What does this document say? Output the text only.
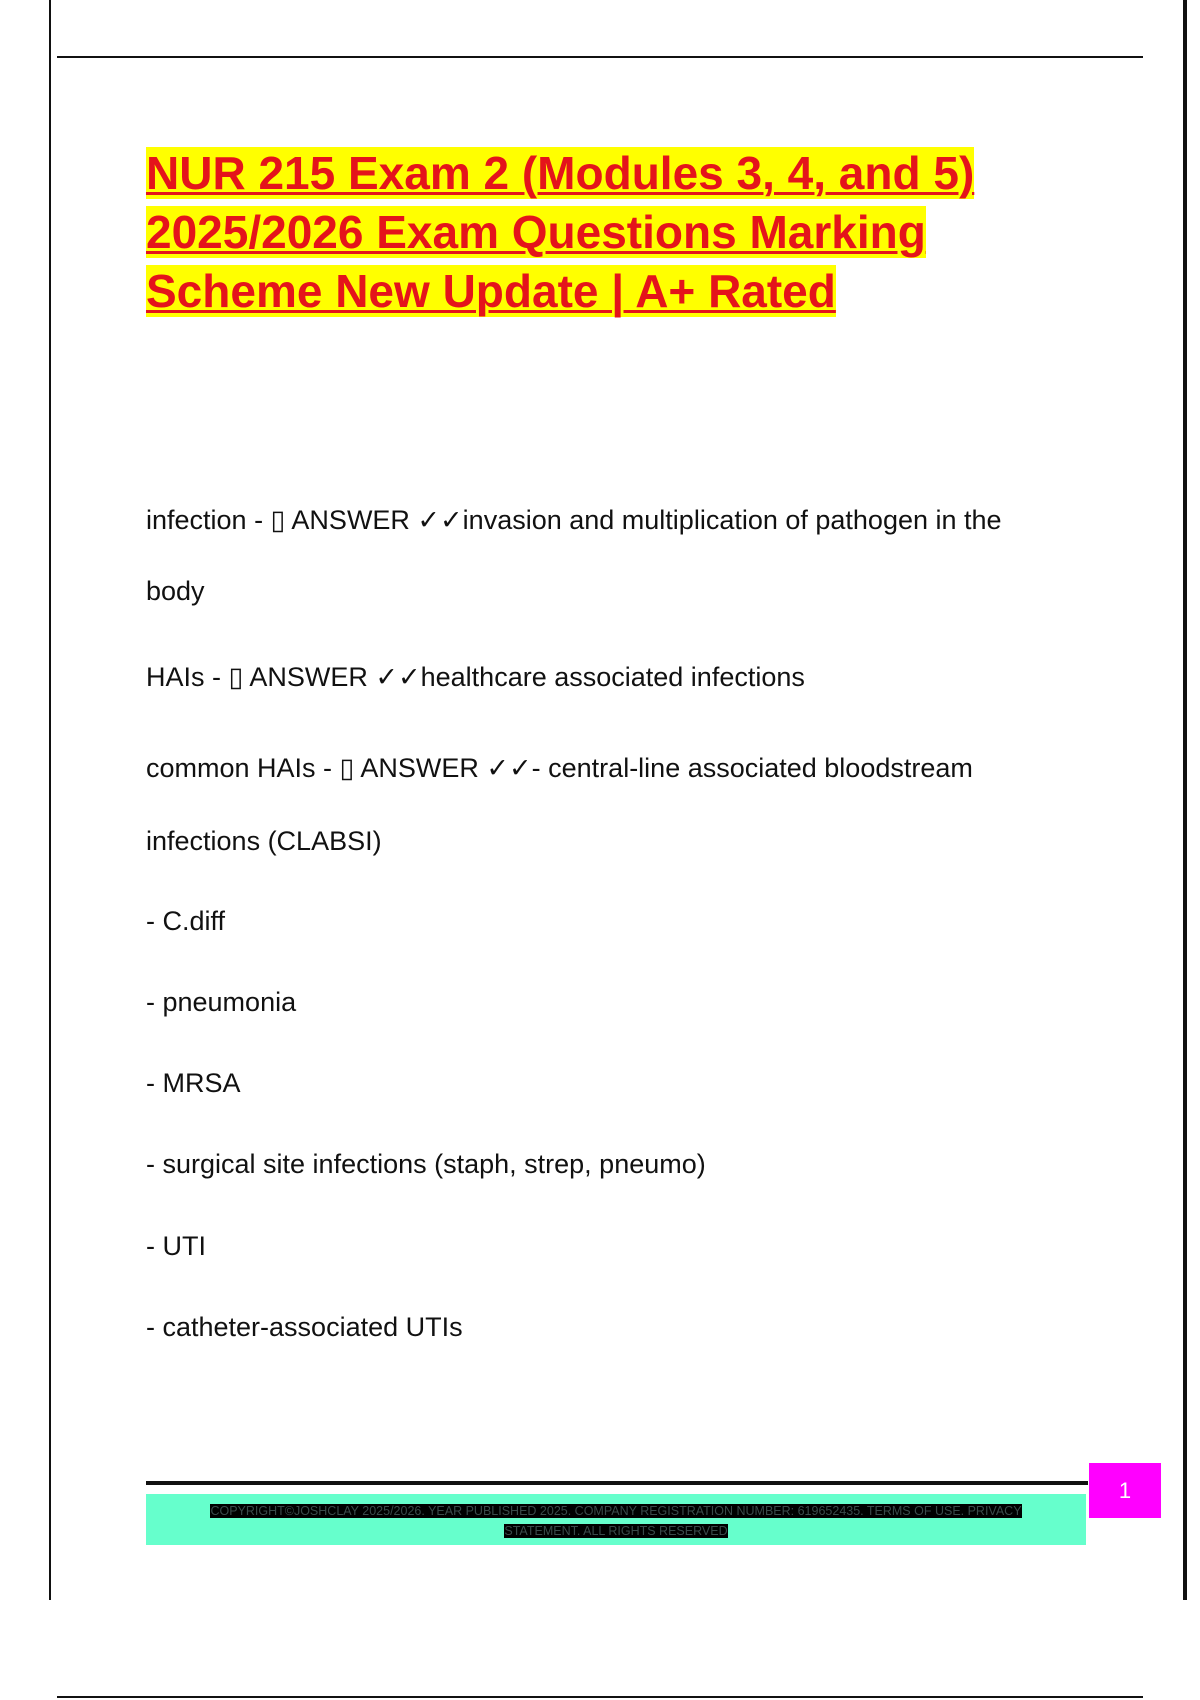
NUR 215 Exam 2 (Modules 3, 4, and 5)
2025/2026 Exam Questions Marking
Scheme New Update | A+ Rated
infection - ▯ ANSWER ✓✓invasion and multiplication of pathogen in the
body
HAIs - ▯ ANSWER ✓✓healthcare associated infections
common HAIs - ▯ ANSWER ✓✓- central-line associated bloodstream
infections (CLABSI)
- C.diff
- pneumonia
- MRSA
- surgical site infections (staph, strep, pneumo)
- UTI
- catheter-associated UTIs
COPYRIGHT©JOSHCLAY 2025/2026. YEAR PUBLISHED 2025. COMPANY REGISTRATION NUMBER: 619652435. TERMS OF USE. PRIVACY
STATEMENT. ALL RIGHTS RESERVED
1
